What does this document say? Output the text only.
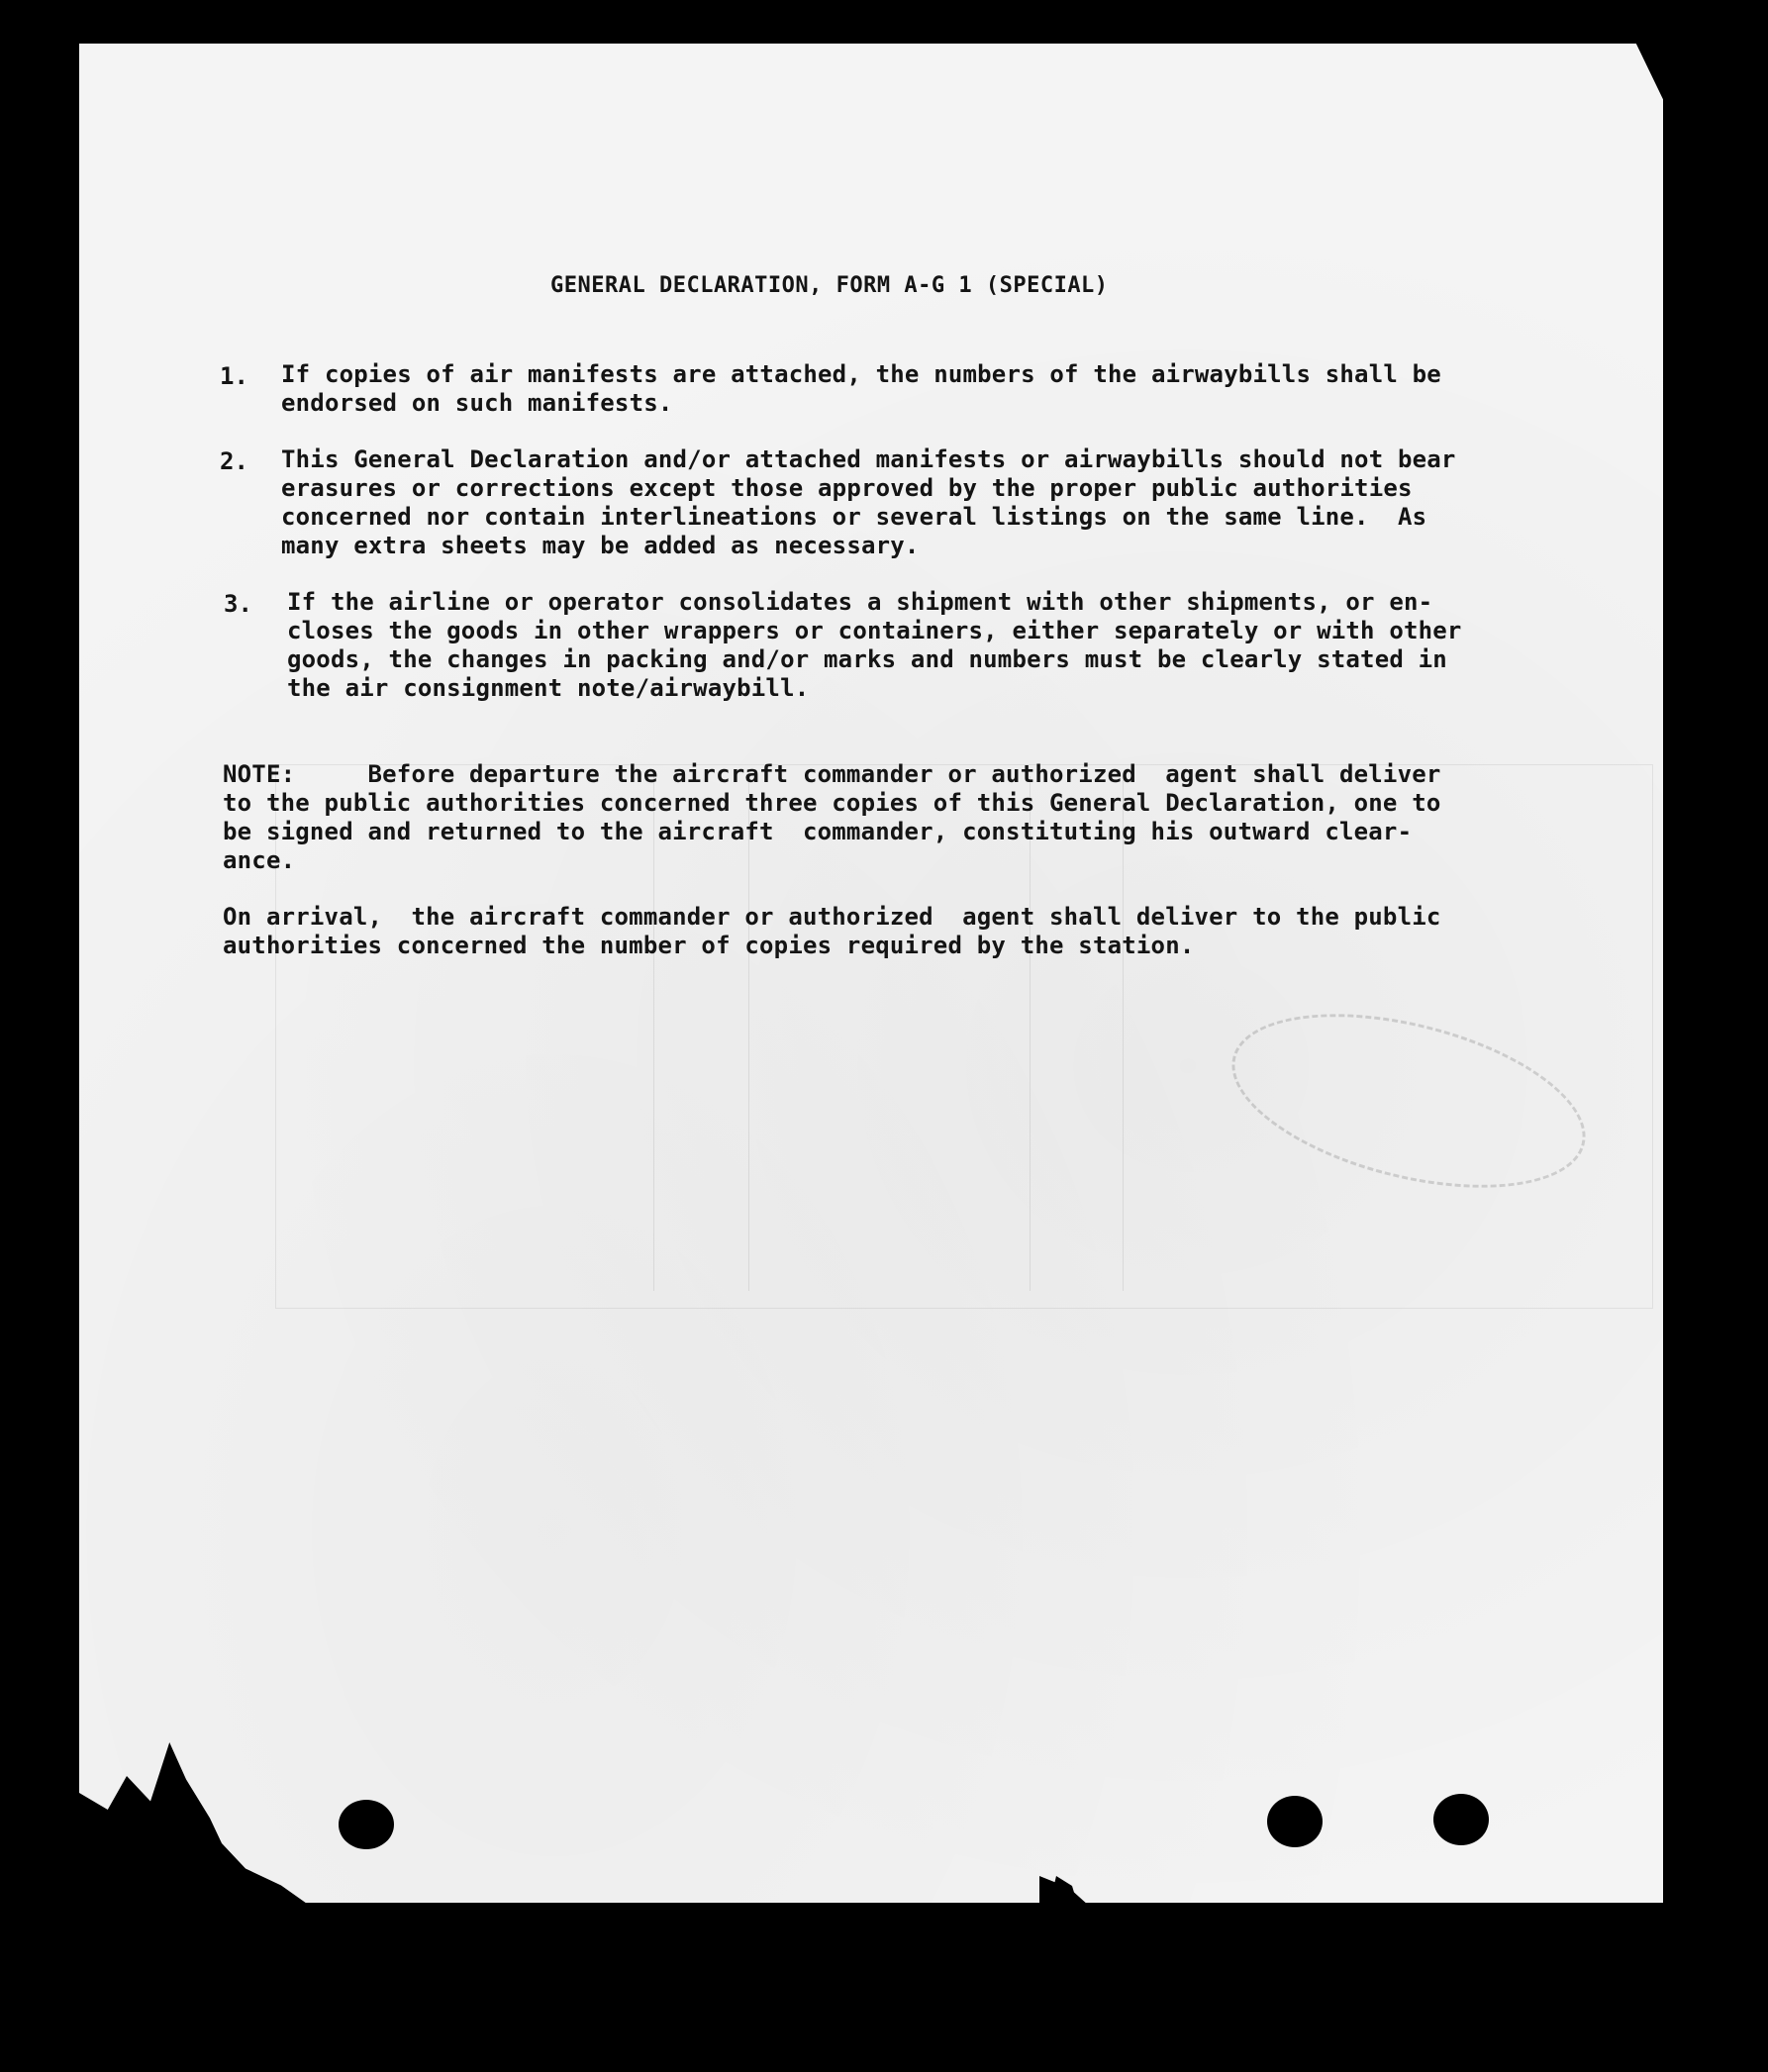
GENERAL DECLARATION, FORM A-G 1 (SPECIAL)
1. If copies of air manifests are attached, the numbers of the airwaybills shall be
endorsed on such manifests.
2. This General Declaration and/or attached manifests or airwaybills should not bear
erasures or corrections except those approved by the proper public authorities
concerned nor contain interlineations or several listings on the same line.  As
many extra sheets may be added as necessary.
3. If the airline or operator consolidates a shipment with other shipments, or en-
closes the goods in other wrappers or containers, either separately or with other
goods, the changes in packing and/or marks and numbers must be clearly stated in
the air consignment note/airwaybill.
NOTE:     Before departure the aircraft commander or authorized  agent shall deliver
to the public authorities concerned three copies of this General Declaration, one to
be signed and returned to the aircraft  commander, constituting his outward clear-
ance.
On arrival,  the aircraft commander or authorized  agent shall deliver to the public
authorities concerned the number of copies required by the station.
